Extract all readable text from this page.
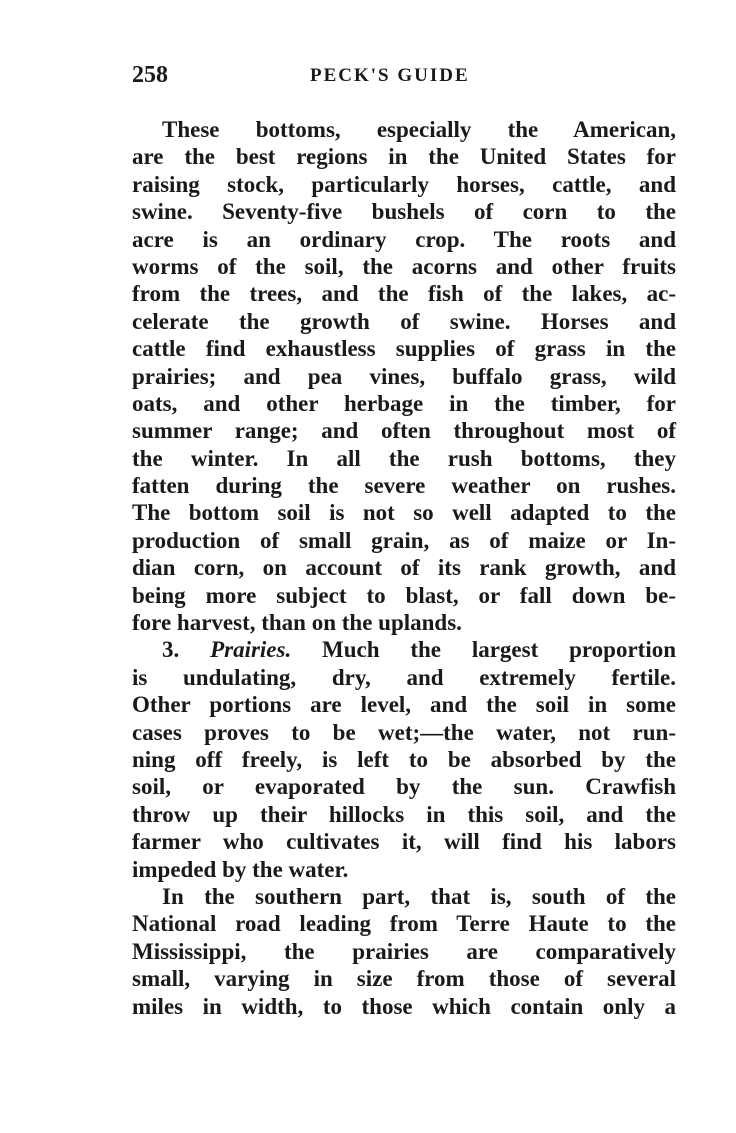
258	PECK'S GUIDE
These bottoms, especially the American,
are the best regions in the United States for
raising stock, particularly horses, cattle, and
swine. Seventy-five bushels of corn to the
acre is an ordinary crop. The roots and
worms of the soil, the acorns and other fruits
from the trees, and the fish of the lakes, ac-
celerate the growth of swine. Horses and
cattle find exhaustless supplies of grass in the
prairies; and pea vines, buffalo grass, wild
oats, and other herbage in the timber, for
summer range; and often throughout most of
the winter. In all the rush bottoms, they
fatten during the severe weather on rushes.
The bottom soil is not so well adapted to the
production of small grain, as of maize or In-
dian corn, on account of its rank growth, and
being more subject to blast, or fall down be-
fore harvest, than on the uplands.
3. Prairies. Much the largest proportion
is undulating, dry, and extremely fertile.
Other portions are level, and the soil in some
cases proves to be wet;—the water, not run-
ning off freely, is left to be absorbed by the
soil, or evaporated by the sun. Crawfish
throw up their hillocks in this soil, and the
farmer who cultivates it, will find his labors
impeded by the water.
In the southern part, that is, south of the
National road leading from Terre Haute to the
Mississippi, the prairies are comparatively
small, varying in size from those of several
miles in width, to those which contain only a
